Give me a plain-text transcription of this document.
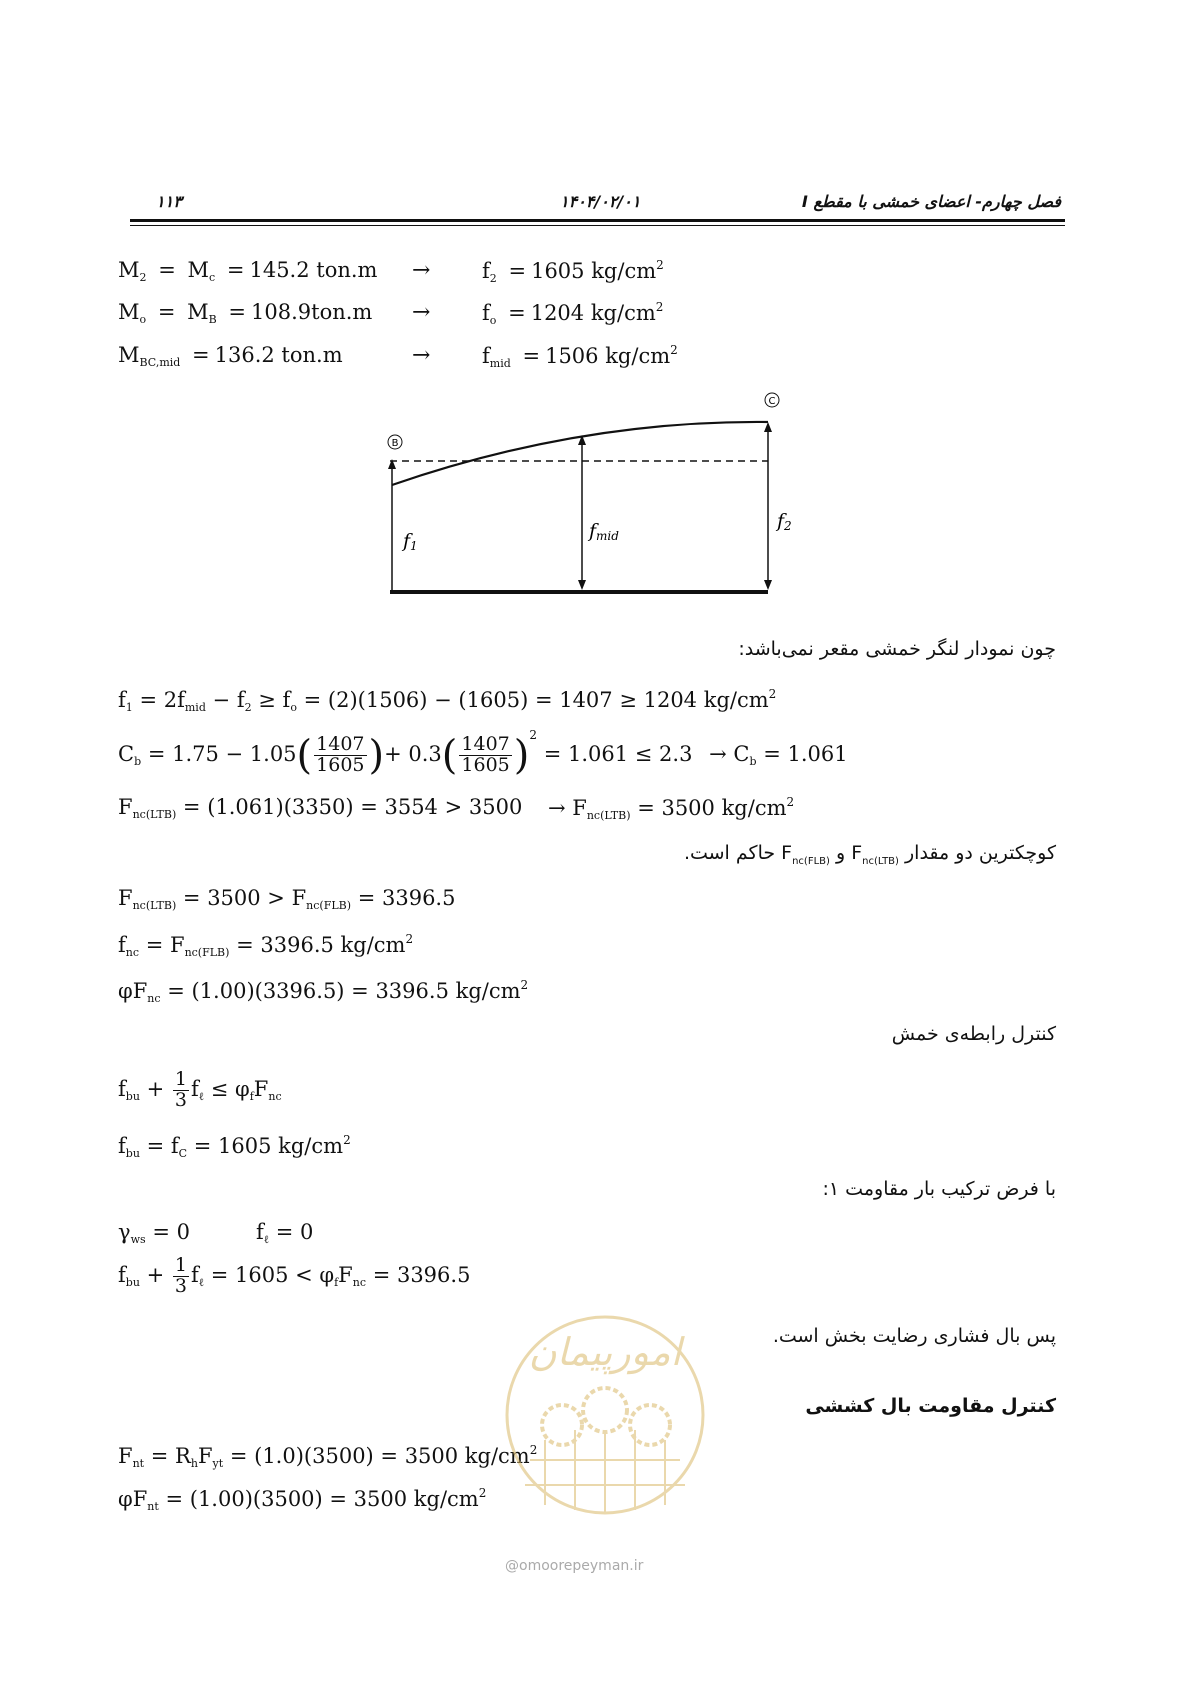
۱۱۳	۱۴۰۴/۰۲/۰۱	فصل چهارم- اعضای خمشی با مقطع I
$M_2 = M_c = 145.2$ $ton.m \to f_2 = 1605$ $kg/cm^2$
$M_o = M_B = 108.9ton.m \to f_o = 1204$ $kg/cm^2$
$M_{BC,mid} = 136.2$ ton.m	→ $f_{mid} = 1506$ $kg/cm^2$
B
C
f1
fmid
f2
چون نمودار لنگر خمشی مقعر نمی‌باشد:
$f_1 = 2f_{mid} - f_2 \ge f_o = (2)(1506) - (1605) = 1407 \ge 1204$ $kg/cm^2$
$C_b = 1.75 - 1.05( \frac{1407}{1605}$ )+ $0.3( \frac{1407}{1605} )^2 = 1.061 \le 2.3 \to C_b = 1.061$
$F_{nc(LTB)} = (1.061)(3350) = 3554 > 3500 \to F_{nc(LTB)} = 3500$ $kg/cm^2$
کوچکترین دو مقدار $F_{nc(LTB)}$ و $F_{nc(FLB)}$ حاکم است.
$F_{nc(LTB)} = 3500 > F_{nc(FLB)} = 3396.5$
$f_{nc} = F_{nc(FLB)} = 3396.5$ $kg/cm^2$
$\varphi F_{nc} = (1.00)(3396.5) = 3396.5$ $kg/cm^2$
کنترل رابطه‌ی خمش
$f_{bu} + \frac{1}{3} f_\ell \le \varphi_fF_{nc}$
$f_{bu} = f_C = 1605$ $kg/cm^2$
با فرض ترکیب بار مقاومت ۱:
$\gamma_{ws} = 0$	$f_\ell = 0$
$f_{bu} + \frac{1}{3} f_\ell = 1605 < \varphi_fF_{nc} = 3396.5$
پس بال فشاری رضایت بخش است.
کنترل مقاومت بال کششی
$F_{nt} = R_hF_{yt} = (1.0)(3500) = 3500$ $kg/cm^2$
$\varphi F_{nt} = (1.00)(3500) = 3500$ $kg/cm^2$
امورپیمان
@omoorepeyman.ir
